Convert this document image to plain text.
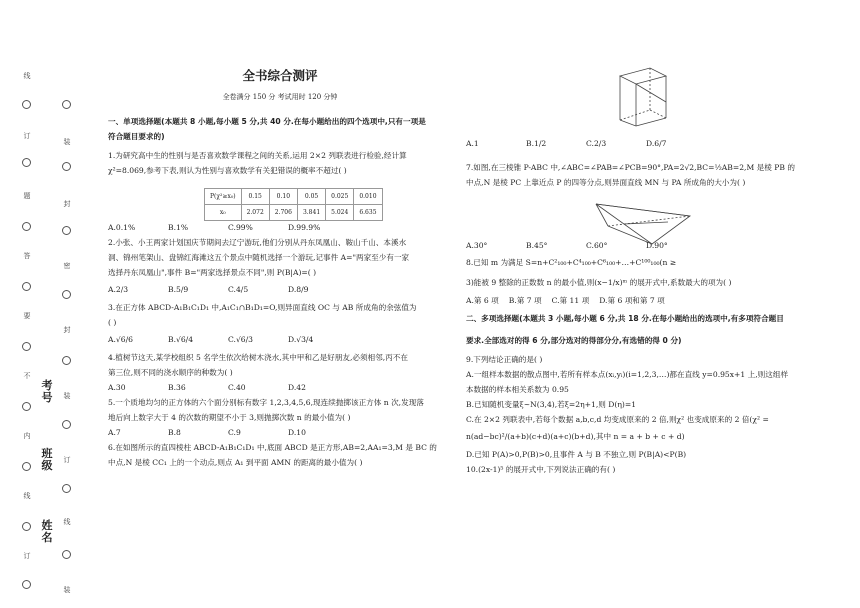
线
订
题
答
要
不
内
线
订
装
封
密
封
装
订
线
装
考号
班级
姓名
全书综合测评
全卷满分 150 分 考试用时 120 分钟

一、单项选择题(本题共 8 小题,每小题 5 分,共 40 分.在每小题给出的四个选项中,只有一项是

符合题目要求的)

1.为研究高中生的性别与是否喜欢数学课程之间的关系,运用 2×2 列联表进行检验,经计算

χ²=8.069,参考下表,则认为性别与喜欢数学有关犯错误的概率不超过( )

A.0.1%	B.1%	C.99%	D.99.9%

2.小张、小王两家计划国庆节期间去辽宁游玩,他们分别从丹东凤凰山、鞍山千山、本溪水

洞、锦州笔架山、盘锦红海滩这五个景点中随机选择一个游玩,记事件 A="两家至少有一家

选择丹东凤凰山",事件 B="两家选择景点不同",则 P(B|A)=( )

A.2/3	B.5/9	C.4/5	D.8/9

3.在正方体 ABCD-A₁B₁C₁D₁ 中,A₁C₁∩B₁D₁=O,则异面直线 OC 与 AB 所成角的余弦值为

( )

A.√6/6	B.√6/4	C.√6/3	D.√3/4

4.植树节这天,某学校组织 5 名学生依次给树木浇水,其中甲和乙是好朋友,必须相邻,丙不在

第三位,则不同的浇水顺序的种数为( )

A.30	B.36	C.40	D.42

5.一个质地均匀的正方体的六个面分别标有数字 1,2,3,4,5,6,现连续抛掷该正方体 n 次,发现落

地后向上数字大于 4 的次数的期望不小于 3,则抛掷次数 n 的最小值为( )

A.7	B.8	C.9	D.10

6.在如图所示的直四棱柱 ABCD-A₁B₁C₁D₁ 中,底面 ABCD 是正方形,AB=2,AA₁=3,M 是 BC 的

中点,N 是棱 CC₁ 上的一个动点,则点 A₁ 到平面 AMN 的距离的最小值为( )

P(χ²≥x₀)	0.15	0.10	0.05	0.025	0.010
x₀	2.072	2.706	3.841	5.024	6.635

A.1	B.1/2	C.2/3	D.6/7

7.如图,在三棱锥 P-ABC 中,∠ABC=∠PAB=∠PCB=90°,PA=2√2,BC=½AB=2,M 是棱 PB 的

中点,N 是棱 PC 上靠近点 P 的四等分点,则异面直线 MN 与 PA 所成角的大小为( )

A.30°	B.45°	C.60°	D.90°

8.已知 m 为满足 S=n+C²₁₀₀+C⁴₁₀₀+C⁶₁₀₀+…+C¹⁰⁰₁₀₀(n ≥

3)能被 9 整除的正数数 n 的最小值,则(x−1/x)ᵐ 的展开式中,系数最大的项为( )

A.第 6 项 B.第 7 项 C.第 11 项 D.第 6 项和第 7 项

二、多项选择题(本题共 3 小题,每小题 6 分,共 18 分.在每小题给出的选项中,有多项符合题目

要求.全部选对的得 6 分,部分选对的得部分分,有选错的得 0 分)

9.下列结论正确的是( )

A.一组样本数据的散点图中,若所有样本点(xᵢ,yᵢ)(i=1,2,3,…)都在直线 y=0.95x+1 上,则这组样

本数据的样本相关系数为 0.95

B.已知随机变量ξ~N(3,4),若ξ=2η+1,则 D(η)=1

C.在 2×2 列联表中,若每个数据 a,b,c,d 均变成原来的 2 倍,则χ² 也变成原来的 2 倍(χ² =

n(ad−bc)²/(a+b)(c+d)(a+c)(b+d),其中 n = a + b + c + d)

D.已知 P(A)>0,P(B)>0,且事件 A 与 B 不独立,则 P(B|A)<P(B)

10.(2x-1)⁵ 的展开式中,下列说法正确的有( )
